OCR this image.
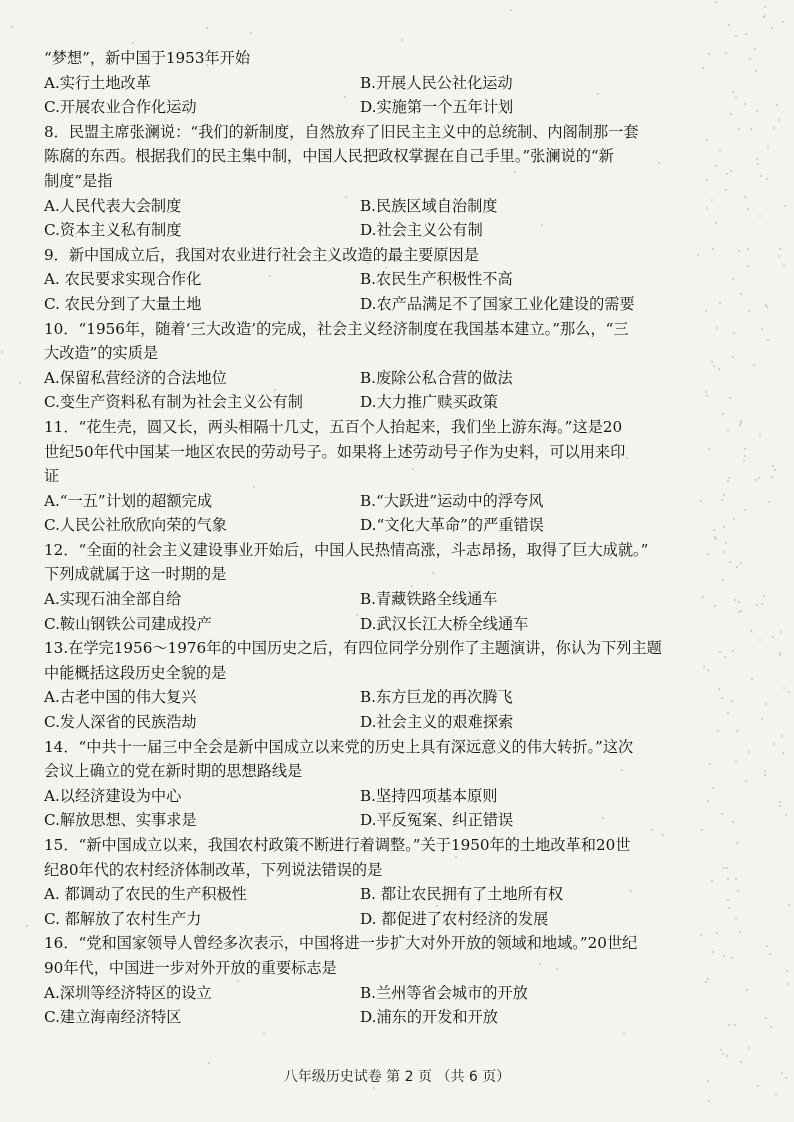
“梦想”，新中国于1953年开始
A.实行土地改革	B.开展人民公社化运动
C.开展农业合作化运动	D.实施第一个五年计划
8．民盟主席张澜说：“我们的新制度，自然放弃了旧民主主义中的总统制、内阁制那一套
陈腐的东西。根据我们的民主集中制，中国人民把政权掌握在自己手里。”张澜说的“新
制度”是指
A.人民代表大会制度	B.民族区域自治制度
C.资本主义私有制度	D.社会主义公有制
9．新中国成立后，我国对农业进行社会主义改造的最主要原因是
A. 农民要求实现合作化	B.农民生产积极性不高
C. 农民分到了大量土地	D.农产品满足不了国家工业化建设的需要
10．“1956年，随着‘三大改造’的完成，社会主义经济制度在我国基本建立。”那么，“三
大改造”的实质是
A.保留私营经济的合法地位	B.废除公私合营的做法
C.变生产资料私有制为社会主义公有制	D.大力推广赎买政策
11．“花生壳，圆又长，两头相隔十几丈，五百个人抬起来，我们坐上游东海。”这是20
世纪50年代中国某一地区农民的劳动号子。如果将上述劳动号子作为史料，可以用来印
证
A.“一五”计划的超额完成	B.“大跃进”运动中的浮夸风
C.人民公社欣欣向荣的气象	D.“文化大革命”的严重错误
12．“全面的社会主义建设事业开始后，中国人民热情高涨，斗志昂扬，取得了巨大成就。”
下列成就属于这一时期的是
A.实现石油全部自给	B.青藏铁路全线通车
C.鞍山钢铁公司建成投产	D.武汉长江大桥全线通车
13.在学完1956～1976年的中国历史之后，有四位同学分别作了主题演讲，你认为下列主题
中能概括这段历史全貌的是
A.古老中国的伟大复兴	B.东方巨龙的再次腾飞
C.发人深省的民族浩劫	D.社会主义的艰难探索
14．“中共十一届三中全会是新中国成立以来党的历史上具有深远意义的伟大转折。”这次
会议上确立的党在新时期的思想路线是
A.以经济建设为中心	B.坚持四项基本原则
C.解放思想、实事求是	D.平反冤案、纠正错误
15．“新中国成立以来，我国农村政策不断进行着调整。”关于1950年的土地改革和20世
纪80年代的农村经济体制改革，下列说法错误的是
A. 都调动了农民的生产积极性	B. 都让农民拥有了土地所有权
C. 都解放了农村生产力	D. 都促进了农村经济的发展
16．“党和国家领导人曾经多次表示，中国将进一步扩大对外开放的领域和地域。”20世纪
90年代，中国进一步对外开放的重要标志是
A.深圳等经济特区的设立	B.兰州等省会城市的开放
C.建立海南经济特区	D.浦东的开发和开放
八年级历史试卷 第 2 页 （共 6 页）
